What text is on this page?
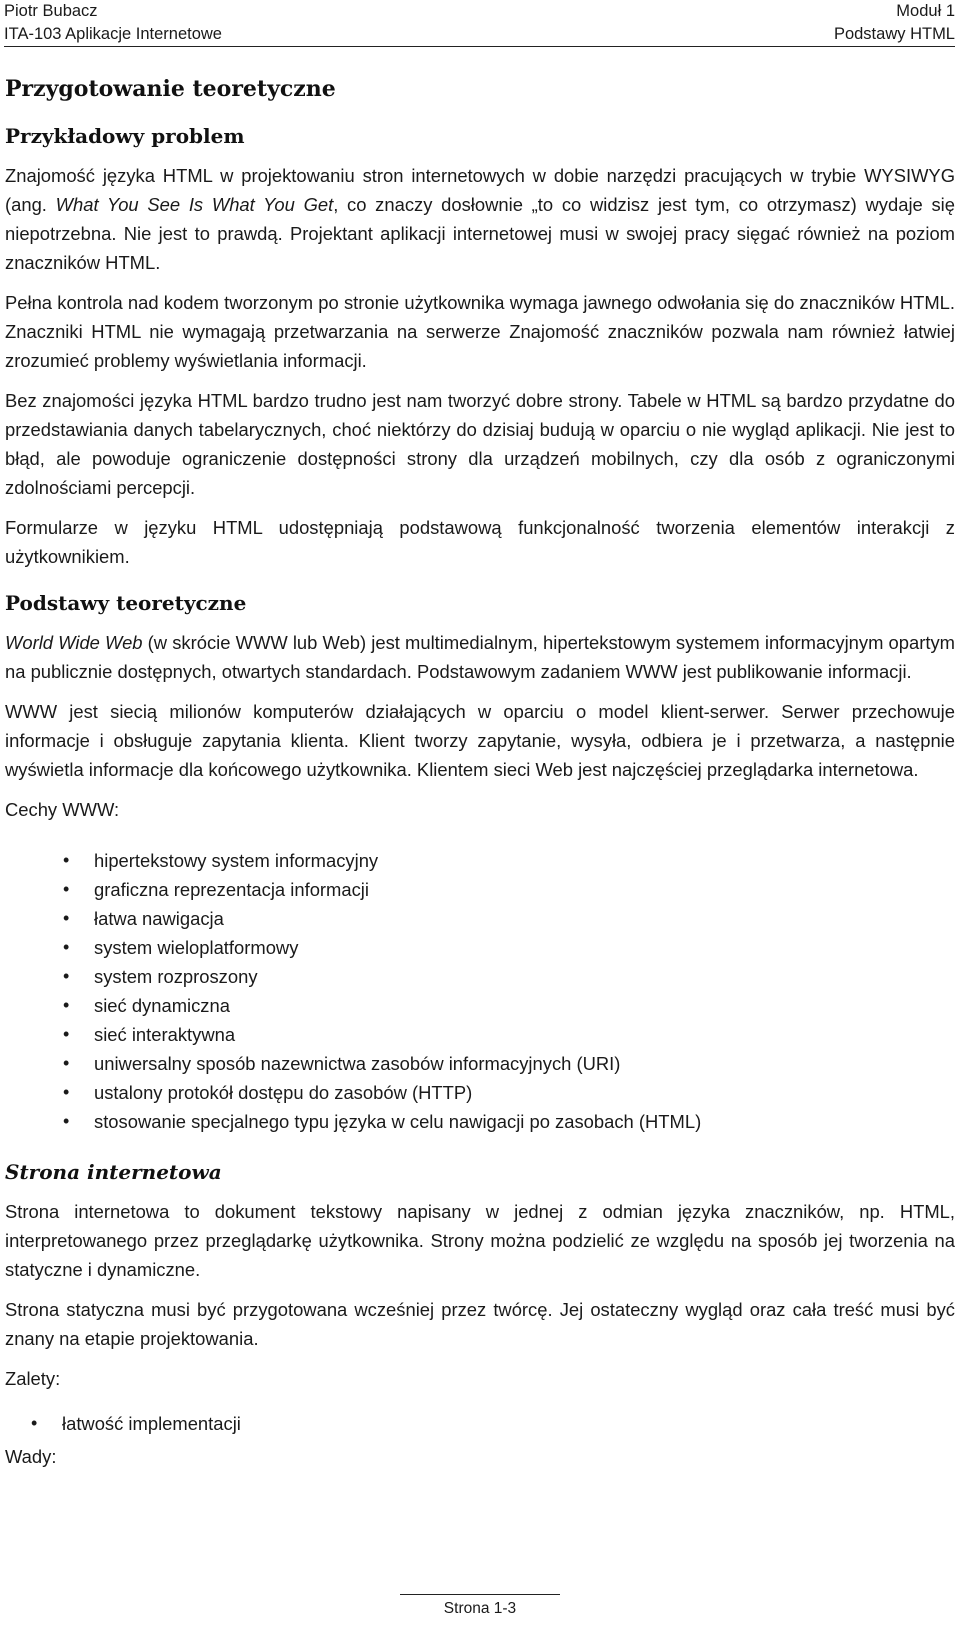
Piotr Bubacz
ITA-103 Aplikacje Internetowe
Moduł 1
Podstawy HTML
Przygotowanie teoretyczne
Przykładowy problem

Znajomość języka HTML w projektowaniu stron internetowych w dobie narzędzi pracujących w trybie WYSIWYG (ang. What You See Is What You Get, co znaczy dosłownie „to co widzisz jest tym, co otrzymasz) wydaje się niepotrzebna. Nie jest to prawdą. Projektant aplikacji internetowej musi w swojej pracy sięgać również na poziom znaczników HTML.

Pełna kontrola nad kodem tworzonym po stronie użytkownika wymaga jawnego odwołania się do znaczników HTML. Znaczniki HTML nie wymagają przetwarzania na serwerze Znajomość znaczników pozwala nam również łatwiej zrozumieć problemy wyświetlania informacji.

Bez znajomości języka HTML bardzo trudno jest nam tworzyć dobre strony. Tabele w HTML są bardzo przydatne do przedstawiania danych tabelarycznych, choć niektórzy do dzisiaj budują w oparciu o nie wygląd aplikacji. Nie jest to błąd, ale powoduje ograniczenie dostępności strony dla urządzeń mobilnych, czy dla osób z ograniczonymi zdolnościami percepcji.

Formularze w języku HTML udostępniają podstawową funkcjonalność tworzenia elementów interakcji z użytkownikiem.

Podstawy teoretyczne

World Wide Web (w skrócie WWW lub Web) jest multimedialnym, hipertekstowym systemem informacyjnym opartym na publicznie dostępnych, otwartych standardach. Podstawowym zadaniem WWW jest publikowanie informacji.

WWW jest siecią milionów komputerów działających w oparciu o model klient-serwer. Serwer przechowuje informacje i obsługuje zapytania klienta. Klient tworzy zapytanie, wysyła, odbiera je i przetwarza, a następnie wyświetla informacje dla końcowego użytkownika. Klientem sieci Web jest najczęściej przeglądarka internetowa.

Cechy WWW:

• hipertekstowy system informacyjny
• graficzna reprezentacja informacji
• łatwa nawigacja
• system wieloplatformowy
• system rozproszony
• sieć dynamiczna
• sieć interaktywna
• uniwersalny sposób nazewnictwa zasobów informacyjnych (URI)
• ustalony protokół dostępu do zasobów (HTTP)
• stosowanie specjalnego typu języka w celu nawigacji po zasobach (HTML)
Strona internetowa

Strona internetowa to dokument tekstowy napisany w jednej z odmian języka znaczników, np. HTML, interpretowanego przez przeglądarkę użytkownika. Strony można podzielić ze względu na sposób jej tworzenia na statyczne i dynamiczne.

Strona statyczna musi być przygotowana wcześniej przez twórcę. Jej ostateczny wygląd oraz cała treść musi być znany na etapie projektowania.

Zalety:

• łatwość implementacji

Wady:

Strona 1-3
